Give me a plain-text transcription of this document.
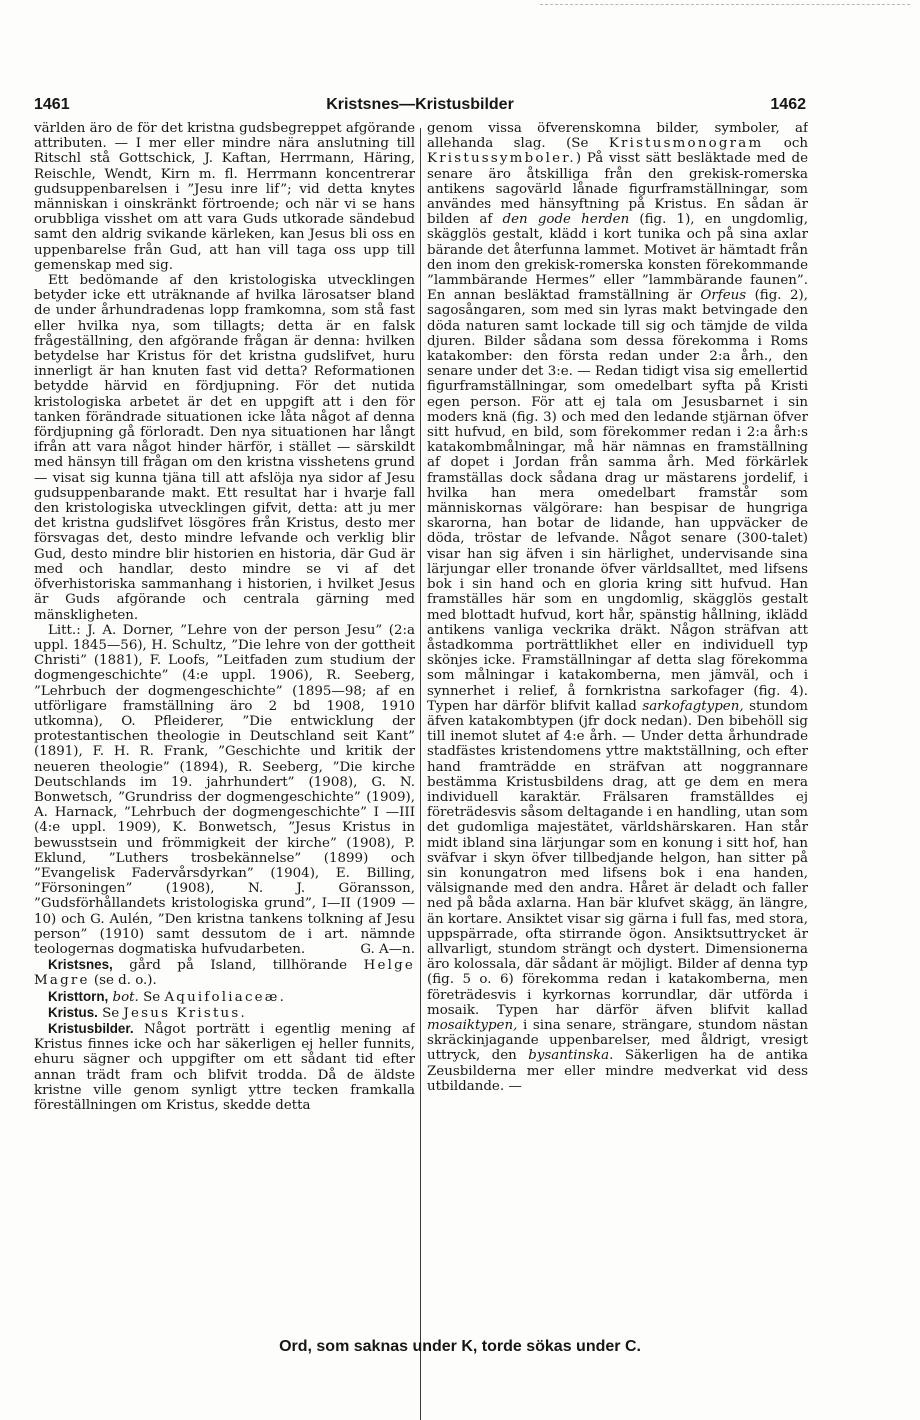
1461	Kristsnes—Kristusbilder	1462

världen äro de för det kristna gudsbegreppet afgörande attributen. — I mer eller mindre nära anslutning till Ritschl stå Gottschick, J. Kaftan, Herrmann, Häring, Reischle, Wendt, Kirn m. fl. Herrmann koncentrerar gudsuppenbarelsen i ”Jesu inre lif”; vid detta knytes människan i oinskränkt förtroende; och när vi se hans orubbliga visshet om att vara Guds utkorade sändebud samt den aldrig svikande kärleken, kan Jesus bli oss en uppenbarelse från Gud, att han vill taga oss upp till gemenskap med sig.

Ett bedömande af den kristologiska utvecklingen betyder icke ett uträknande af hvilka lärosatser bland de under århundradenas lopp framkomna, som stå fast eller hvilka nya, som tillagts; detta är en falsk frågeställning, den afgörande frågan är denna: hvilken betydelse har Kristus för det kristna gudslifvet, huru innerligt är han knuten fast vid detta? Reformationen betydde härvid en fördjupning. För det nutida kristologiska arbetet är det en uppgift att i den för tanken förändrade situationen icke låta något af denna fördjupning gå förloradt. Den nya situationen har långt ifrån att vara något hinder härför, i stället — särskildt med hänsyn till frågan om den kristna visshetens grund — visat sig kunna tjäna till att afslöja nya sidor af Jesu gudsuppenbarande makt. Ett resultat har i hvarje fall den kristologiska utvecklingen gifvit, detta: att ju mer det kristna gudslifvet lösgöres från Kristus, desto mer försvagas det, desto mindre lefvande och verklig blir Gud, desto mindre blir historien en historia, där Gud är med och handlar, desto mindre se vi af det öfverhistoriska sammanhang i historien, i hvilket Jesus är Guds afgörande och centrala gärning med mänskligheten.

Litt.: J. A. Dorner, ”Lehre von der person Jesu” (2:a uppl. 1845—56), H. Schultz, ”Die lehre von der gottheit Christi” (1881), F. Loofs, ”Leitfaden zum studium der dogmengeschichte” (4:e uppl. 1906), R. Seeberg, ”Lehrbuch der dogmengeschichte” (1895—98; af en utförligare framställning äro 2 bd 1908, 1910 utkomna), O. Pfleiderer, ”Die entwicklung der protestantischen theologie in Deutschland seit Kant” (1891), F. H. R. Frank, ”Geschichte und kritik der neueren theologie” (1894), R. Seeberg, ”Die kirche Deutschlands im 19. jahrhundert” (1908), G. N. Bonwetsch, ”Grundriss der dogmengeschichte” (1909), A. Harnack, ”Lehrbuch der dogmengeschichte” I —III (4:e uppl. 1909), K. Bonwetsch, ”Jesus Kristus in bewusstsein und frömmigkeit der kirche” (1908), P. Eklund, ”Luthers trosbekännelse” (1899) och ”Evangelisk Fadervårsdyrkan” (1904), E. Billing, ”Försoningen” (1908), N. J. Göransson, ”Gudsförhållandets kristologiska grund”, I—II (1909 —10) och G. Aulén, ”Den kristna tankens tolkning af Jesu person” (1910) samt dessutom de i art. nämnde teologernas dogmatiska hufvudarbeten.	G. A—n.

Kristsnes, gård på Island, tillhörande Helge Magre (se d. o.).

Kristtorn, bot. Se Aquifoliaceæ.

Kristus. Se Jesus Kristus.

Kristusbilder. Något porträtt i egentlig mening af Kristus finnes icke och har säkerligen ej heller funnits, ehuru sägner och uppgifter om ett sådant tid efter annan trädt fram och blifvit trodda. Då de äldste kristne ville genom synligt yttre tecken framkalla föreställningen om Kristus, skedde detta

genom vissa öfverenskomna bilder, symboler, af allehanda slag. (Se Kristusmonogram och Kristussymboler.) På visst sätt besläktade med de senare äro åtskilliga från den grekisk-romerska antikens sagovärld lånade figurframställningar, som användes med hänsyftning på Kristus. En sådan är bilden af den gode herden (fig. 1), en ungdomlig, skägglös gestalt, klädd i kort tunika och på sina axlar bärande det återfunna lammet. Motivet är hämtadt från den inom den grekisk-romerska konsten förekommande ”lammbärande Hermes” eller ”lammbärande faunen”. En annan besläktad framställning är Orfeus (fig. 2), sagosångaren, som med sin lyras makt betvingade den döda naturen samt lockade till sig och tämjde de vilda djuren. Bilder sådana som dessa förekomma i Roms katakomber: den första redan under 2:a årh., den senare under det 3:e. — Redan tidigt visa sig emellertid figurframställningar, som omedelbart syfta på Kristi egen person. För att ej tala om Jesusbarnet i sin moders knä (fig. 3) och med den ledande stjärnan öfver sitt hufvud, en bild, som förekommer redan i 2:a årh:s katakombmålningar, må här nämnas en framställning af dopet i Jordan från samma årh. Med förkärlek framställas dock sådana drag ur mästarens jordelif, i hvilka han mera omedelbart framstår som människornas välgörare: han bespisar de hungriga skarorna, han botar de lidande, han uppväcker de döda, tröstar de lefvande. Något senare (300-talet) visar han sig äfven i sin härlighet, undervisande sina lärjungar eller tronande öfver världsalltet, med lifsens bok i sin hand och en gloria kring sitt hufvud. Han framställes här som en ungdomlig, skägglös gestalt med blottadt hufvud, kort hår, spänstig hållning, iklädd antikens vanliga veckrika dräkt. Någon sträfvan att åstadkomma porträttlikhet eller en individuell typ skönjes icke. Framställningar af detta slag förekomma som målningar i katakomberna, men jämväl, och i synnerhet i relief, å fornkristna sarkofager (fig. 4). Typen har därför blifvit kallad sarkofagtypen, stundom äfven katakombtypen (jfr dock nedan). Den bibehöll sig till inemot slutet af 4:e årh. — Under detta århundrade stadfästes kristendomens yttre maktställning, och efter hand framträdde en sträfvan att noggrannare bestämma Kristusbildens drag, att ge dem en mera individuell karaktär. Frälsaren framställdes ej företrädesvis såsom deltagande i en handling, utan som det gudomliga majestätet, världshärskaren. Han står midt ibland sina lärjungar som en konung i sitt hof, han sväfvar i skyn öfver tillbedjande helgon, han sitter på sin konungatron med lifsens bok i ena handen, välsignande med den andra. Håret är deladt och faller ned på båda axlarna. Han bär klufvet skägg, än längre, än kortare. Ansiktet visar sig gärna i full fas, med stora, uppspärrade, ofta stirrande ögon. Ansiktsuttrycket är allvarligt, stundom strängt och dystert. Dimensionerna äro kolossala, där sådant är möjligt. Bilder af denna typ (fig. 5 o. 6) förekomma redan i katakomberna, men företrädesvis i kyrkornas korrundlar, där utförda i mosaik. Typen har därför äfven blifvit kallad mosaiktypen, i sina senare, strängare, stundom nästan skräckinjagande uppenbarelser, med åldrigt, vresigt uttryck, den bysantinska. Säkerligen ha de antika Zeusbilderna mer eller mindre medverkat vid dess utbildande. —

Ord, som saknas under K, torde sökas under C.
